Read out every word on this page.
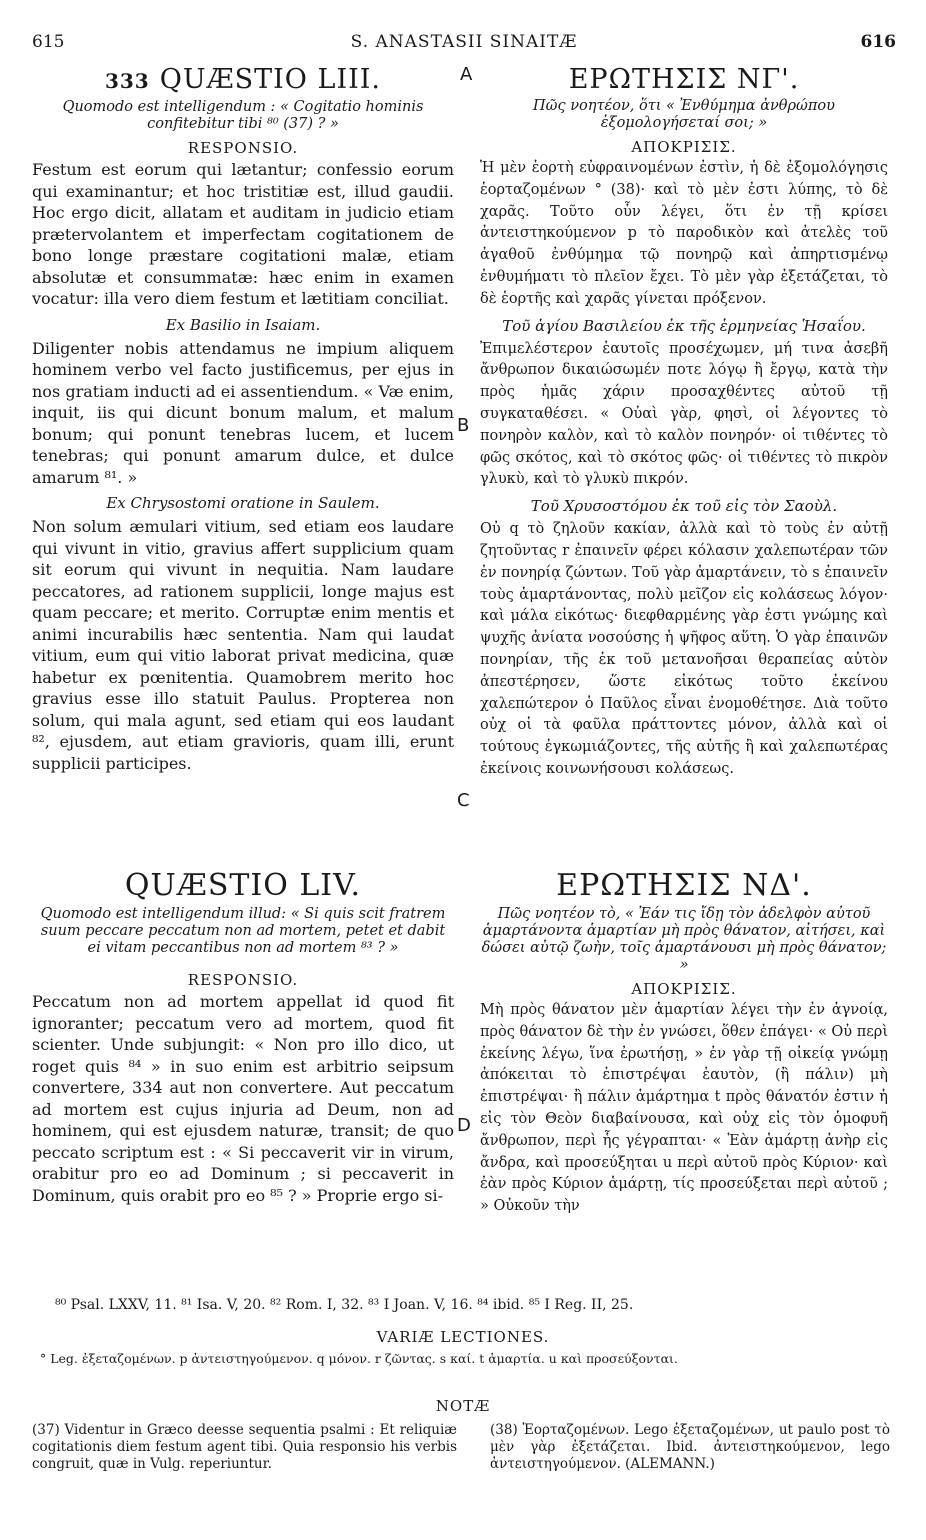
615	S. ANASTASII SINAITÆ	616
A
B
C
D
333 QUÆSTIO LIII.
Quomodo est intelligendum : « Cogitatio hominis confitebitur tibi ⁸⁰ (37) ? »
RESPONSIO.

Festum est eorum qui lætantur; confessio eorum qui examinantur; et hoc tristitiæ est, illud gaudii. Hoc ergo dicit, allatam et auditam in judicio etiam prætervolantem et imperfectam cogitationem de bono longe præstare cogitationi malæ, etiam absolutæ et consummatæ: hæc enim in examen vocatur: illa vero diem festum et lætitiam conciliat.

Ex Basilio in Isaiam.

Diligenter nobis attendamus ne impium aliquem hominem verbo vel facto justificemus, per ejus in nos gratiam inducti ad ei assentiendum. « Væ enim, inquit, iis qui dicunt bonum malum, et malum bonum; qui ponunt tenebras lucem, et lucem tenebras; qui ponunt amarum dulce, et dulce amarum ⁸¹. »

Ex Chrysostomi oratione in Saulem.

Non solum æmulari vitium, sed etiam eos laudare qui vivunt in vitio, gravius affert supplicium quam sit eorum qui vivunt in nequitia. Nam laudare peccatores, ad rationem supplicii, longe majus est quam peccare; et merito. Corruptæ enim mentis et animi incurabilis hæc sententia. Nam qui laudat vitium, eum qui vitio laborat privat medicina, quæ habetur ex pœnitentia. Quamobrem merito hoc gravius esse illo statuit Paulus. Propterea non solum, qui mala agunt, sed etiam qui eos laudant ⁸², ejusdem, aut etiam gravioris, quam illi, erunt supplicii participes.

ΕΡΩΤΗΣΙΣ ΝΓ'.
Πῶς νοητέον, ὅτι « Ἐνθύμημα ἀνθρώπου ἐξομολογήσεταί σοι; »
ΑΠΟΚΡΙΣΙΣ.

Ἡ μὲν ἑορτὴ εὐφραινομένων ἐστὶν, ἡ δὲ ἐξομολόγησις ἑορταζομένων ° (38)· καὶ τὸ μὲν ἐστι λύπης, τὸ δὲ χαρᾶς. Τοῦτο οὖν λέγει, ὅτι ἐν τῇ κρίσει ἀντειστηκούμενον p τὸ παροδικὸν καὶ ἀτελὲς τοῦ ἀγαθοῦ ἐνθύμημα τῷ πονηρῷ καὶ ἀπηρτισμένῳ ἐνθυμήματι τὸ πλεῖον ἔχει. Τὸ μὲν γὰρ ἐξετάζεται, τὸ δὲ ἑορτῆς καὶ χαρᾶς γίνεται πρόξενον.

Τοῦ ἁγίου Βασιλείου ἐκ τῆς ἑρμηνείας Ἡσαΐου.

Ἐπιμελέστερον ἑαυτοῖς προσέχωμεν, μή τινα ἀσεβῆ ἄνθρωπον δικαιώσωμέν ποτε λόγῳ ἢ ἔργῳ, κατὰ τὴν πρὸς ἡμᾶς χάριν προσαχθέντες αὐτοῦ τῇ συγκαταθέσει. « Οὐαὶ γὰρ, φησὶ, οἱ λέγοντες τὸ πονηρὸν καλὸν, καὶ τὸ καλὸν πονηρόν· οἱ τιθέντες τὸ φῶς σκότος, καὶ τὸ σκότος φῶς· οἱ τιθέντες τὸ πικρὸν γλυκὺ, καὶ τὸ γλυκὺ πικρόν.

Τοῦ Χρυσοστόμου ἐκ τοῦ εἰς τὸν Σαοὺλ.

Οὐ q τὸ ζηλοῦν κακίαν, ἀλλὰ καὶ τὸ τοὺς ἐν αὐτῇ ζητοῦντας r ἐπαινεῖν φέρει κόλασιν χαλεπωτέραν τῶν ἐν πονηρίᾳ ζώντων. Τοῦ γὰρ ἁμαρτάνειν, τὸ s ἐπαινεῖν τοὺς ἁμαρτάνοντας, πολὺ μεῖζον εἰς κολάσεως λόγον· καὶ μάλα εἰκότως· διεφθαρμένης γὰρ ἐστι γνώμης καὶ ψυχῆς ἀνίατα νοσούσης ἡ ψῆφος αὕτη. Ὁ γὰρ ἐπαινῶν πονηρίαν, τῆς ἐκ τοῦ μετανοῆσαι θεραπείας αὐτὸν ἀπεστέρησεν, ὥστε εἰκότως τοῦτο ἐκείνου χαλεπώτερον ὁ Παῦλος εἶναι ἐνομοθέτησε. Διὰ τοῦτο οὐχ οἱ τὰ φαῦλα πράττοντες μόνον, ἀλλὰ καὶ οἱ τούτους ἐγκωμιάζοντες, τῆς αὐτῆς ἢ καὶ χαλεπωτέρας ἐκείνοις κοινωνήσουσι κολάσεως.

QUÆSTIO LIV.
Quomodo est intelligendum illud: « Si quis scit fratrem suum peccare peccatum non ad mortem, petet et dabit ei vitam peccantibus non ad mortem ⁸³ ? »
RESPONSIO.

Peccatum non ad mortem appellat id quod fit ignoranter; peccatum vero ad mortem, quod fit scienter. Unde subjungit: « Non pro illo dico, ut roget quis ⁸⁴ » in suo enim est arbitrio seipsum convertere, 334 aut non convertere. Aut peccatum ad mortem est cujus injuria ad Deum, non ad hominem, qui est ejusdem naturæ, transit; de quo peccato scriptum est : « Si peccaverit vir in virum, orabitur pro eo ad Dominum ; si peccaverit in Dominum, quis orabit pro eo ⁸⁵ ? » Proprie ergo si-

ΕΡΩΤΗΣΙΣ ΝΔ'.
Πῶς νοητέον τὸ, « Ἐάν τις ἴδῃ τὸν ἀδελφὸν αὐτοῦ ἁμαρτάνοντα ἁμαρτίαν μὴ πρὸς θάνατον, αἰτήσει, καὶ δώσει αὐτῷ ζωὴν, τοῖς ἁμαρτάνουσι μὴ πρὸς θάνατον; »
ΑΠΟΚΡΙΣΙΣ.

Μὴ πρὸς θάνατον μὲν ἁμαρτίαν λέγει τὴν ἐν ἀγνοίᾳ, πρὸς θάνατον δὲ τὴν ἐν γνώσει, ὅθεν ἐπάγει· « Οὐ περὶ ἐκείνης λέγω, ἵνα ἐρωτήσῃ, » ἐν γὰρ τῇ οἰκείᾳ γνώμῃ ἀπόκειται τὸ ἐπιστρέψαι ἑαυτὸν, (ἢ πάλιν) μὴ ἐπιστρέψαι· ἢ πάλιν ἁμάρτημα t πρὸς θάνατόν ἐστιν ἡ εἰς τὸν Θεὸν διαβαίνουσα, καὶ οὐχ εἰς τὸν ὁμοφυῆ ἄνθρωπον, περὶ ἧς γέγραπται· « Ἐὰν ἁμάρτῃ ἀνὴρ εἰς ἄνδρα, καὶ προσεύξηται u περὶ αὐτοῦ πρὸς Κύριον· καὶ ἐὰν πρὸς Κύριον ἁμάρτῃ, τίς προσεύξεται περὶ αὐτοῦ ; » Οὐκοῦν τὴν

⁸⁰ Psal. LXXV, 11. ⁸¹ Isa. V, 20. ⁸² Rom. I, 32. ⁸³ I Joan. V, 16. ⁸⁴ ibid. ⁸⁵ I Reg. II, 25.
VARIÆ LECTIONES.
° Leg. ἐξεταζομένων. p ἀντειστηγούμενον. q μόνον. r ζῶντας. s καί. t ἁμαρτία. u καὶ προσεύξονται.
NOTÆ
(37) Videntur in Græco deesse sequentia psalmi : Et reliquiæ cogitationis diem festum agent tibi. Quia responsio his verbis congruit, quæ in Vulg. reperiuntur.
(38) Ἑορταζομένων. Lego ἐξεταζομένων, ut paulo post τὸ μὲν γὰρ ἐξετάζεται. Ibid. ἀντειστηκούμενον, lego ἀντειστηγούμενον. (ALEMANN.)
